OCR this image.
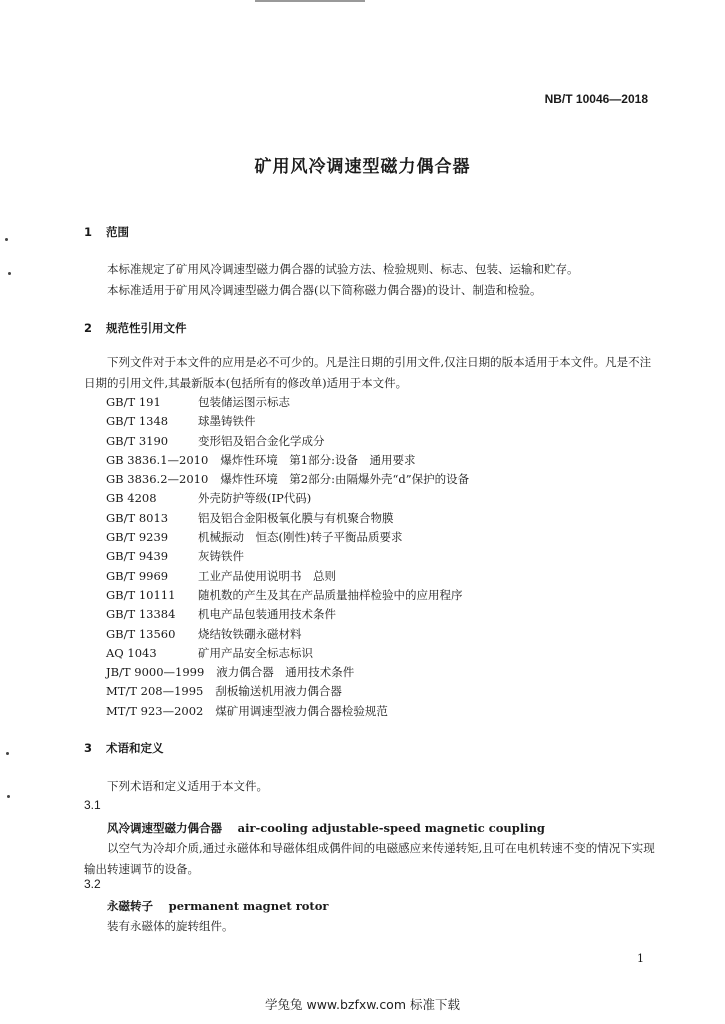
NB/T 10046—2018
矿用风冷调速型磁力偶合器
1 范围

本标准规定了矿用风冷调速型磁力偶合器的试验方法、检验规则、标志、包装、运输和贮存。

本标准适用于矿用风冷调速型磁力偶合器(以下简称磁力偶合器)的设计、制造和检验。

2 规范性引用文件

下列文件对于本文件的应用是必不可少的。凡是注日期的引用文件,仅注日期的版本适用于本文件。凡是不注日期的引用文件,其最新版本(包括所有的修改单)适用于本文件。

GB/T 191	包装储运图示标志
GB/T 1348	球墨铸铁件
GB/T 3190	变形铝及铝合金化学成分
GB 3836.1—2010 爆炸性环境　第1部分:设备　通用要求
GB 3836.2—2010 爆炸性环境　第2部分:由隔爆外壳“d”保护的设备
GB 4208	外壳防护等级(IP代码)
GB/T 8013	铝及铝合金阳极氧化膜与有机聚合物膜
GB/T 9239	机械振动　恒态(刚性)转子平衡品质要求
GB/T 9439	灰铸铁件
GB/T 9969	工业产品使用说明书　总则
GB/T 10111 随机数的产生及其在产品质量抽样检验中的应用程序
GB/T 13384 机电产品包装通用技术条件
GB/T 13560 烧结钕铁硼永磁材料
AQ 1043	矿用产品安全标志标识
JB/T 9000—1999 液力偶合器　通用技术条件
MT/T 208—1995 刮板输送机用液力偶合器
MT/T 923—2002 煤矿用调速型液力偶合器检验规范
3 术语和定义
下列术语和定义适用于本文件。
3.1
风冷调速型磁力偶合器 air-cooling adjustable-speed magnetic coupling

以空气为冷却介质,通过永磁体和导磁体组成偶件间的电磁感应来传递转矩,且可在电机转速不变的情况下实现输出转速调节的设备。

3.2
永磁转子 permanent magnet rotor
装有永磁体的旋转组件。
1
学兔兔 www.bzfxw.com 标准下载
